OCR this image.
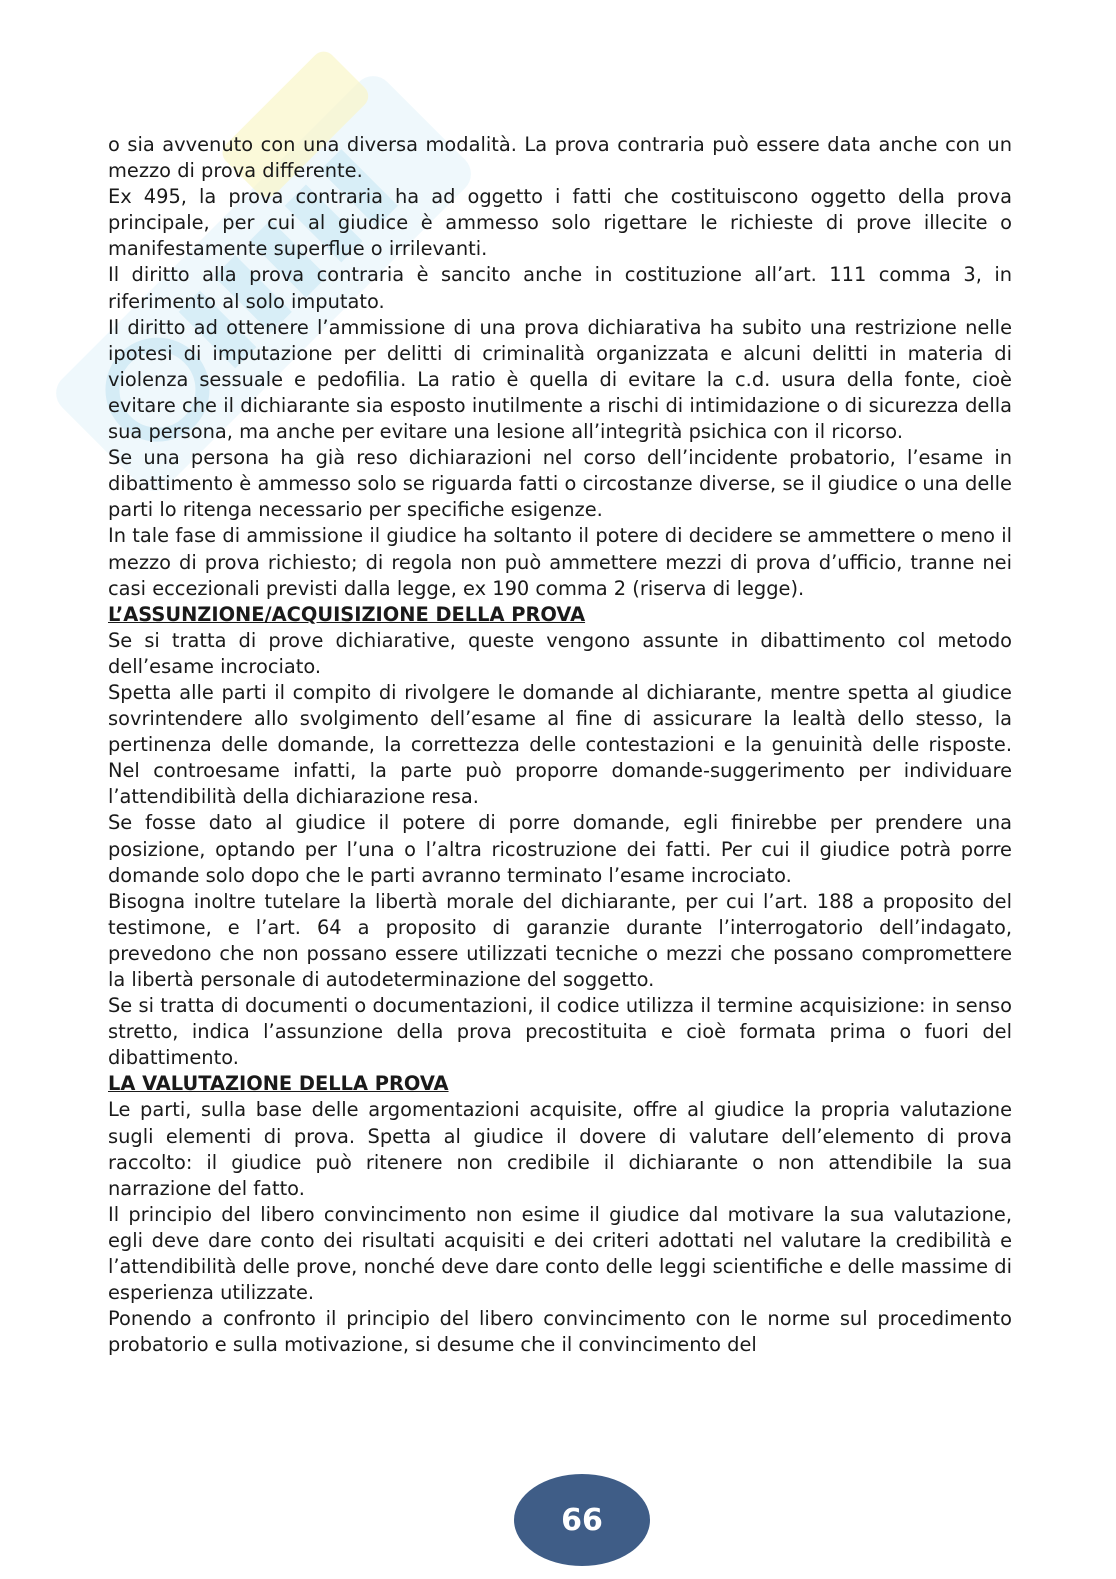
o sia avvenuto con una diversa modalità. La prova contraria può essere data anche con un mezzo di prova differente.

Ex 495, la prova contraria ha ad oggetto i fatti che costituiscono oggetto della prova principale, per cui al giudice è ammesso solo rigettare le richieste di prove illecite o manifestamente superflue o irrilevanti.

Il diritto alla prova contraria è sancito anche in costituzione all’art. 111 comma 3, in riferimento al solo imputato.

Il diritto ad ottenere l’ammissione di una prova dichiarativa ha subito una restrizione nelle ipotesi di imputazione per delitti di criminalità organizzata e alcuni delitti in materia di violenza sessuale e pedofilia. La ratio è quella di evitare la c.d. usura della fonte, cioè evitare che il dichiarante sia esposto inutilmente a rischi di intimidazione o di sicurezza della sua persona, ma anche per evitare una lesione all’integrità psichica con il ricorso.

Se una persona ha già reso dichiarazioni nel corso dell’incidente probatorio, l’esame in dibattimento è ammesso solo se riguarda fatti o circostanze diverse, se il giudice o una delle parti lo ritenga necessario per specifiche esigenze.

In tale fase di ammissione il giudice ha soltanto il potere di decidere se ammettere o meno il mezzo di prova richiesto; di regola non può ammettere mezzi di prova d’ufficio, tranne nei casi eccezionali previsti dalla legge, ex 190 comma 2 (riserva di legge).

L’ASSUNZIONE/ACQUISIZIONE DELLA PROVA

Se si tratta di prove dichiarative, queste vengono assunte in dibattimento col metodo dell’esame incrociato.

Spetta alle parti il compito di rivolgere le domande al dichiarante, mentre spetta al giudice sovrintendere allo svolgimento dell’esame al fine di assicurare la lealtà dello stesso, la pertinenza delle domande, la correttezza delle contestazioni e la genuinità delle risposte. Nel controesame infatti, la parte può proporre domande-suggerimento per individuare l’attendibilità della dichiarazione resa.

Se fosse dato al giudice il potere di porre domande, egli finirebbe per prendere una posizione, optando per l’una o l’altra ricostruzione dei fatti. Per cui il giudice potrà porre domande solo dopo che le parti avranno terminato l’esame incrociato.

Bisogna inoltre tutelare la libertà morale del dichiarante, per cui l’art. 188 a proposito del testimone, e l’art. 64 a proposito di garanzie durante l’interrogatorio dell’indagato, prevedono che non possano essere utilizzati tecniche o mezzi che possano compromettere la libertà personale di autodeterminazione del soggetto.

Se si tratta di documenti o documentazioni, il codice utilizza il termine acquisizione: in senso stretto, indica l’assunzione della prova precostituita e cioè formata prima o fuori del dibattimento.

LA VALUTAZIONE DELLA PROVA

Le parti, sulla base delle argomentazioni acquisite, offre al giudice la propria valutazione sugli elementi di prova. Spetta al giudice il dovere di valutare dell’elemento di prova raccolto: il giudice può ritenere non credibile il dichiarante o non attendibile la sua narrazione del fatto.

Il principio del libero convincimento non esime il giudice dal motivare la sua valutazione, egli deve dare conto dei risultati acquisiti e dei criteri adottati nel valutare la credibilità e l’attendibilità delle prove, nonché deve dare conto delle leggi scientifiche e delle massime di esperienza utilizzate.

Ponendo a confronto il principio del libero convincimento con le norme sul procedimento probatorio e sulla motivazione, si desume che il convincimento del

66
